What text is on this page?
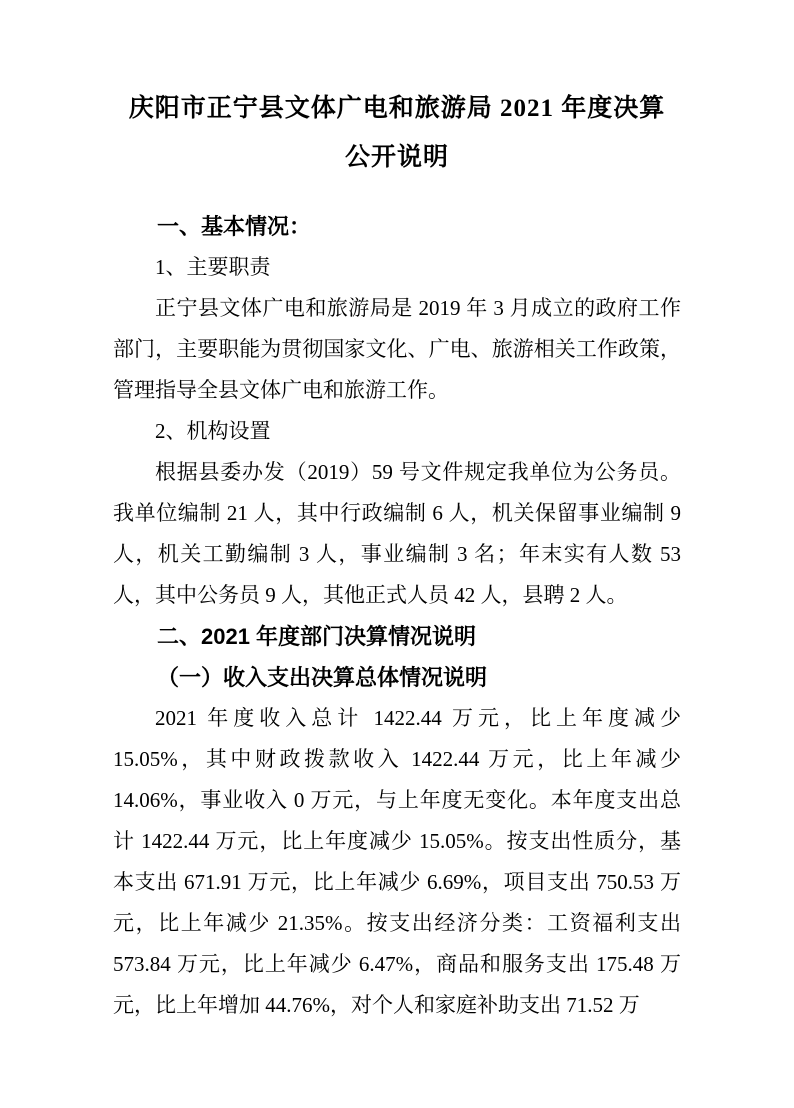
庆阳市正宁县文体广电和旅游局 2021 年度决算
公开说明

一、基本情况：

1、主要职责

正宁县文体广电和旅游局是 2019 年 3 月成立的政府工作部门，主要职能为贯彻国家文化、广电、旅游相关工作政策，管理指导全县文体广电和旅游工作。

2、机构设置

根据县委办发（2019）59 号文件规定我单位为公务员。我单位编制 21 人，其中行政编制 6 人，机关保留事业编制 9 人，机关工勤编制 3 人，事业编制 3 名；年末实有人数 53 人，其中公务员 9 人，其他正式人员 42 人，县聘 2 人。

二、2021 年度部门决算情况说明

（一）收入支出决算总体情况说明

2021 年度收入总计 1422.44 万元，比上年度减少 15.05%，其中财政拨款收入 1422.44 万元，比上年减少 14.06%，事业收入 0 万元，与上年度无变化。本年度支出总计 1422.44 万元，比上年度减少 15.05%。按支出性质分，基本支出 671.91 万元，比上年减少 6.69%，项目支出 750.53 万元，比上年减少 21.35%。按支出经济分类：工资福利支出 573.84 万元，比上年减少 6.47%，商品和服务支出 175.48 万元，比上年增加 44.76%，对个人和家庭补助支出 71.52 万
